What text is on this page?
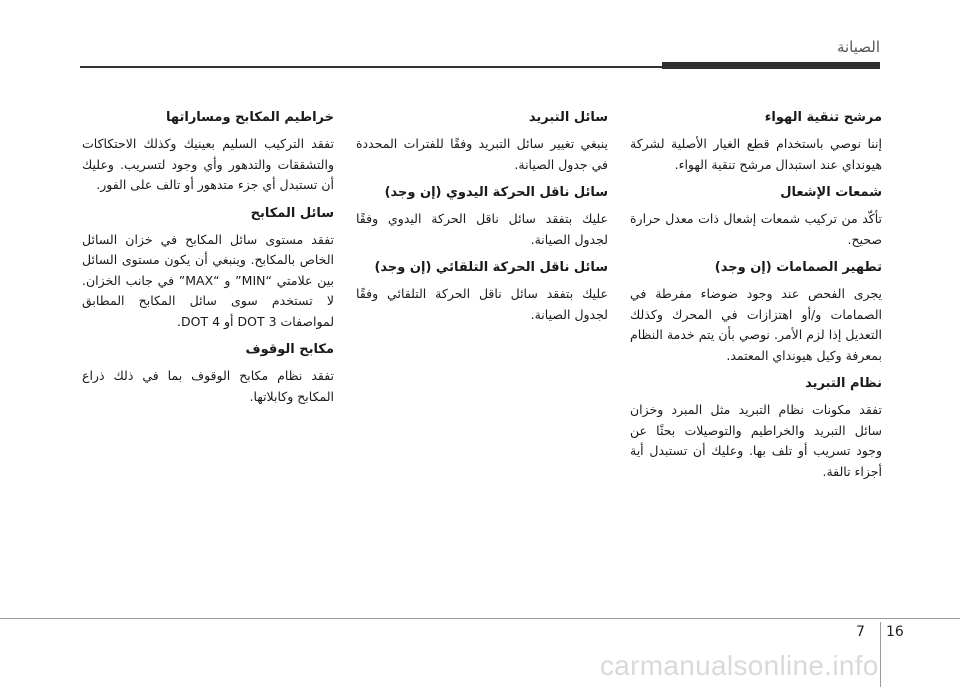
الصيانة
مرشح تنقية الهواء
إننا نوصي باستخدام قطع الغيار الأصلية لشركة هيونداي عند استبدال مرشح تنقية الهواء.
شمعات الإشعال
تأكّد من تركيب شمعات إشعال ذات معدل حرارة صحيح.
تطهير الصمامات (إن وجد)
يجرى الفحص عند وجود ضوضاء مفرطة في الصمامات و/أو اهتزازات في المحرك وكذلك التعديل إذا لزم الأمر. نوصي بأن يتم خدمة النظام بمعرفة وكيل هيونداي المعتمد.
نظام التبريد
تفقد مكونات نظام التبريد مثل المبرد وخزان سائل التبريد والخراطيم والتوصيلات بحثًا عن وجود تسريب أو تلف بها. وعليك أن تستبدل أية أجزاء تالفة.
سائل التبريد
ينبغي تغيير سائل التبريد وفقًا للفترات المحددة في جدول الصيانة.
سائل ناقل الحركة اليدوي (إن وجد)
عليك بتفقد سائل ناقل الحركة اليدوي وفقًا لجدول الصيانة.
سائل ناقل الحركة التلقائي (إن وجد)
عليك بتفقد سائل ناقل الحركة التلقائي وفقًا لجدول الصيانة.
خراطيم المكابح ومساراتها
تفقد التركيب السليم بعينيك وكذلك الاحتكاكات والتشققات والتدهور وأي وجود لتسريب. وعليك أن تستبدل أي جزء متدهور أو تالف على الفور.
سائل المكابح
تفقد مستوى سائل المكابح في خزان السائل الخاص بالمكابح. وينبغي أن يكون مستوى السائل بين علامتي “MIN” و “MAX” في جانب الخزان. لا تستخدم سوى سائل المكابح المطابق لمواصفات DOT 3 أو DOT 4.
مكابح الوقوف
تفقد نظام مكابح الوقوف بما في ذلك ذراع المكابح وكابلاتها.
7 16
carmanualsonline.info
